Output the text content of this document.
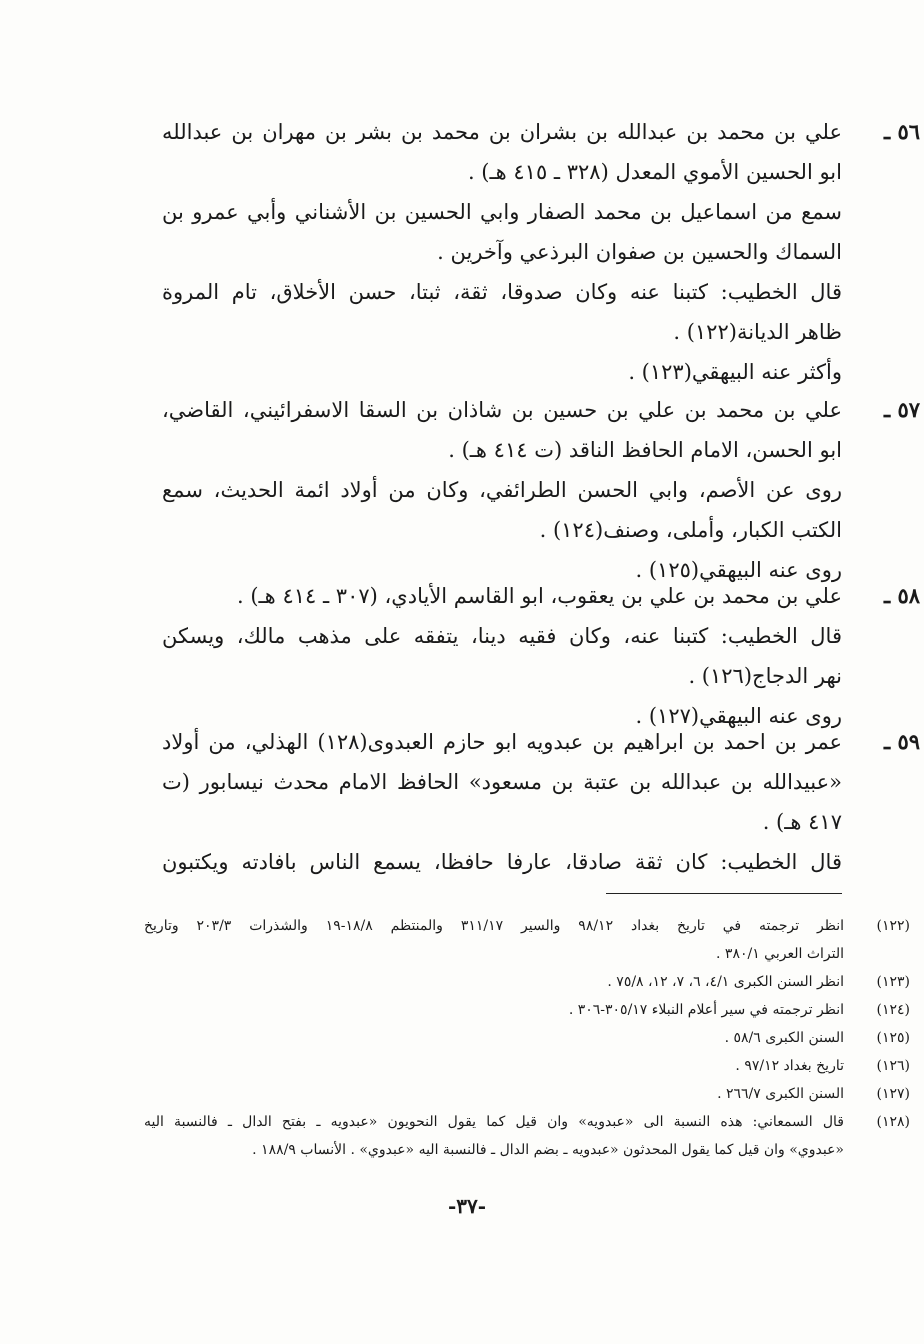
٥٦ ـ
علي بن محمد بن عبدالله بن بشران بن محمد بن بشر بن مهران بن عبدالله
ابو الحسين الأموي المعدل (٣٢٨ ـ ٤١٥ هـ) .
سمع من اسماعيل بن محمد الصفار وابي الحسين بن الأشناني وأبي عمرو بن
السماك والحسين بن صفوان البرذعي وآخرين .
قال الخطيب: كتبنا عنه وكان صدوقا، ثقة، ثبتا، حسن الأخلاق، تام المروة
ظاهر الديانة(١٢٢) .
وأكثر عنه البيهقي(١٢٣) .
٥٧ ـ
علي بن محمد بن علي بن حسين بن شاذان بن السقا الاسفرائيني، القاضي،
ابو الحسن، الامام الحافظ الناقد (ت ٤١٤ هـ) .
روى عن الأصم، وابي الحسن الطرائفي، وكان من أولاد ائمة الحديث، سمع
الكتب الكبار، وأملى، وصنف(١٢٤) .
روى عنه البيهقي(١٢٥) .
٥٨ ـ
علي بن محمد بن علي بن يعقوب، ابو القاسم الأيادي، (٣٠٧ ـ ٤١٤ هـ) .
قال الخطيب: كتبنا عنه، وكان فقيه دينا، يتفقه على مذهب مالك، ويسكن
نهر الدجاج(١٢٦) .
روى عنه البيهقي(١٢٧) .
٥٩ ـ
عمر بن احمد بن ابراهيم بن عبدويه ابو حازم العبدوى(١٢٨) الهذلي، من أولاد
«عبيدالله بن عبدالله بن عتبة بن مسعود» الحافظ الامام محدث نيسابور (ت
٤١٧ هـ) .
قال الخطيب: كان ثقة صادقا، عارفا حافظا، يسمع الناس بافادته ويكتبون
(١٢٢)
انظر ترجمته في تاريخ بغداد ٩٨/١٢ والسير ٣١١/١٧ والمنتظم ١٨/٨-١٩ والشذرات ٢٠٣/٣ وتاريخ
التراث العربي ٣٨٠/١ .
(١٢٣)
انظر السنن الكبرى ٤/١، ٦، ٧، ١٢، ٧٥/٨ .
(١٢٤)
انظر ترجمته في سير أعلام النبلاء ٣٠٥/١٧-٣٠٦ .
(١٢٥)
السنن الكبرى ٥٨/٦ .
(١٢٦)
تاريخ بغداد ٩٧/١٢ .
(١٢٧)
السنن الكبرى ٢٦٦/٧ .
(١٢٨)
قال السمعاني: هذه النسبة الى «عبدويه» وان قيل كما يقول النحويون «عبدويه ـ بفتح الدال ـ فالنسبة اليه
«عبدوي» وان قيل كما يقول المحدثون «عبدويه ـ بضم الدال ـ فالنسبة اليه «عبدوي» . الأنساب ١٨٨/٩ .
-٣٧-
